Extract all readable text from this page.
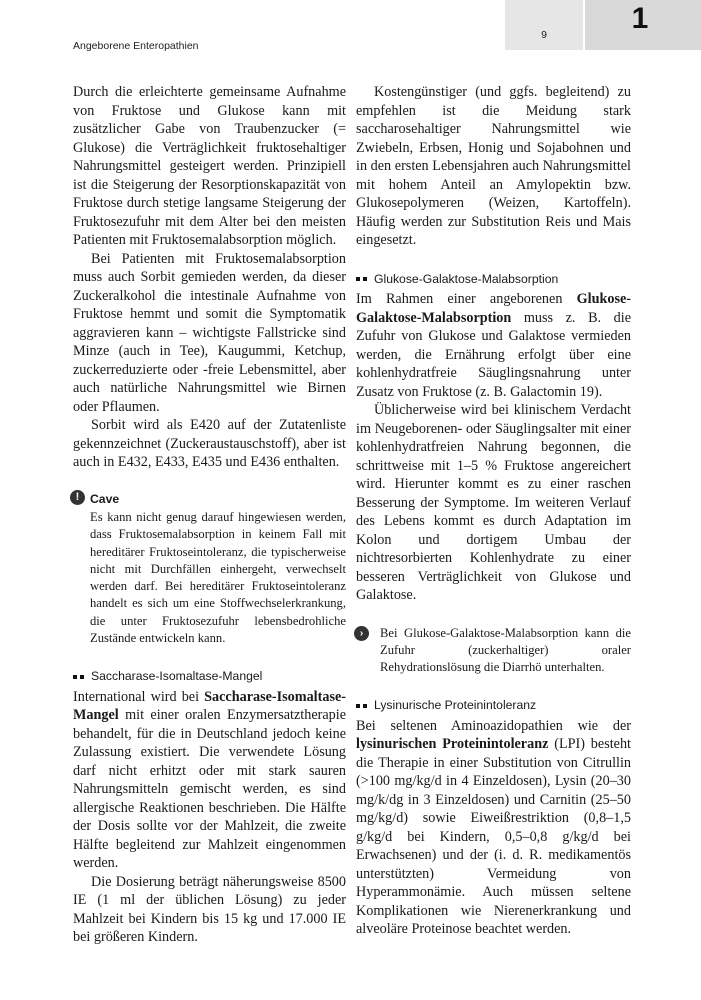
Angeborene Enteropathien
9	1

Durch die erleichterte gemeinsame Aufnahme von Fruktose und Glukose kann mit zusätzlicher Gabe von Traubenzucker (= Glukose) die Verträglichkeit fruktosehaltiger Nahrungsmittel gesteigert werden. Prinzipiell ist die Steigerung der Resorptionskapazität von Fruktose durch stetige langsame Steigerung der Fruktosezufuhr mit dem Alter bei den meisten Patienten mit Fruktosemalabsorption möglich.

Bei Patienten mit Fruktosemalabsorption muss auch Sorbit gemieden werden, da dieser Zuckeralkohol die intestinale Aufnahme von Fruktose hemmt und somit die Symptomatik aggravieren kann – wichtigste Fallstricke sind Minze (auch in Tee), Kaugummi, Ketchup, zuckerreduzierte oder -freie Lebensmittel, aber auch natürliche Nahrungsmittel wie Birnen oder Pflaumen.

Sorbit wird als E420 auf der Zutatenliste gekennzeichnet (Zuckeraustauschstoff), aber ist auch in E432, E433, E435 und E436 enthalten.

! Cave
Es kann nicht genug darauf hingewiesen werden, dass Fruktosemalabsorption in keinem Fall mit hereditärer Fruktoseintoleranz, die typischerweise nicht mit Durchfällen einhergeht, verwechselt werden darf. Bei hereditärer Fruktoseintoleranz handelt es sich um eine Stoffwechselerkrankung, die unter Fruktosezufuhr lebensbedrohliche Zustände entwickeln kann.
Saccharase-Isomaltase-Mangel

International wird bei Saccharase-Isomaltase-Mangel mit einer oralen Enzymersatztherapie behandelt, für die in Deutschland jedoch keine Zulassung existiert. Die verwendete Lösung darf nicht erhitzt oder mit stark sauren Nahrungsmitteln gemischt werden, es sind allergische Reaktionen beschrieben. Die Hälfte der Dosis sollte vor der Mahlzeit, die zweite Hälfte begleitend zur Mahlzeit eingenommen werden.

Die Dosierung beträgt näherungsweise 8500 IE (1 ml der üblichen Lösung) zu jeder Mahlzeit bei Kindern bis 15 kg und 17.000 IE bei größeren Kindern.

Kostengünstiger (und ggfs. begleitend) zu empfehlen ist die Meidung stark saccharosehaltiger Nahrungsmittel wie Zwiebeln, Erbsen, Honig und Sojabohnen und in den ersten Lebensjahren auch Nahrungsmittel mit hohem Anteil an Amylopektin bzw. Glukosepolymeren (Weizen, Kartoffeln). Häufig werden zur Substitution Reis und Mais eingesetzt.

Glukose-Galaktose-Malabsorption

Im Rahmen einer angeborenen Glukose-Galaktose-Malabsorption muss z. B. die Zufuhr von Glukose und Galaktose vermieden werden, die Ernährung erfolgt über eine kohlenhydratfreie Säuglingsnahrung unter Zusatz von Fruktose (z. B. Galactomin 19).

Üblicherweise wird bei klinischem Verdacht im Neugeborenen- oder Säuglingsalter mit einer kohlenhydratfreien Nahrung begonnen, die schrittweise mit 1–5 % Fruktose angereichert wird. Hierunter kommt es zu einer raschen Besserung der Symptome. Im weiteren Verlauf des Lebens kommt es durch Adaptation im Kolon und dortigem Umbau der nichtresorbierten Kohlenhydrate zu einer besseren Verträglichkeit von Glukose und Galaktose.

›	Bei Glukose-Galaktose-Malabsorption kann die Zufuhr (zuckerhaltiger) oraler Rehydrationslösung die Diarrhö unterhalten.
Lysinurische Proteinintoleranz

Bei seltenen Aminoazidopathien wie der lysinurischen Proteinintoleranz (LPI) besteht die Therapie in einer Substitution von Citrullin (>100 mg/kg/d in 4 Einzeldosen), Lysin (20–30 mg/k/dg in 3 Einzeldosen) und Carnitin (25–50 mg/kg/d) sowie Eiweißrestriktion (0,8–1,5 g/kg/d bei Kindern, 0,5–0,8 g/kg/d bei Erwachsenen) und der (i. d. R. medikamentös unterstützten) Vermeidung von Hyperammonämie. Auch müssen seltene Komplikationen wie Nierenerkrankung und alveoläre Proteinose beachtet werden.
